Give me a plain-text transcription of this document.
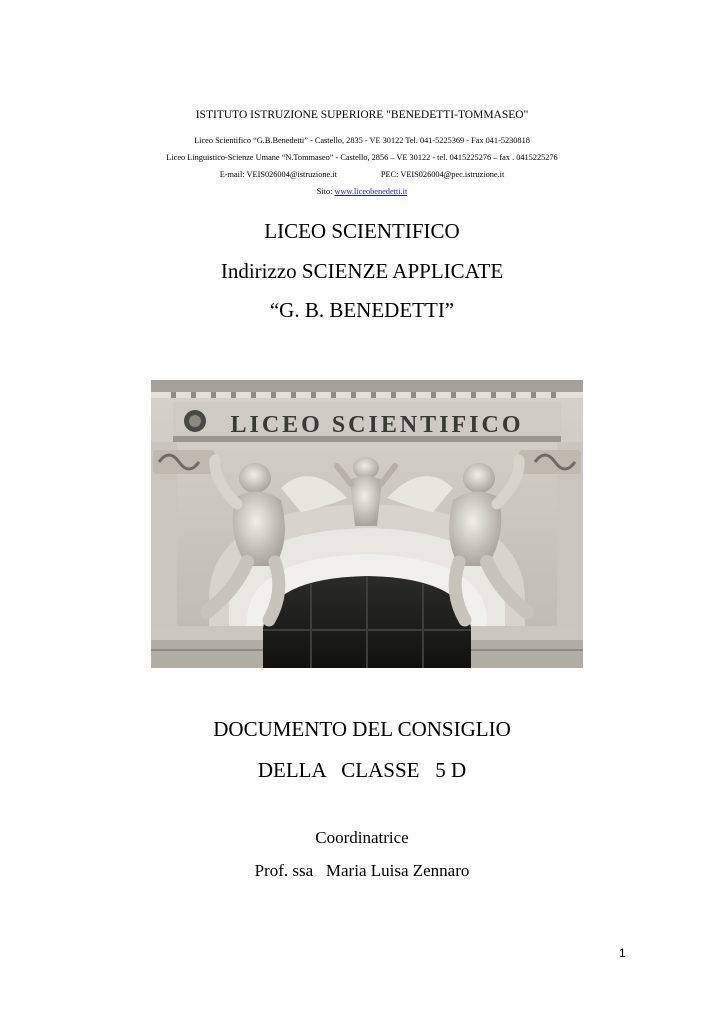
ISTITUTO ISTRUZIONE SUPERIORE "BENEDETTI-TOMMASEO"
Liceo Scientifico “G.B.Benedetti” - Castello, 2835 - VE 30122 Tel. 041-5225369 - Fax 041-5230818
Liceo Linguistico-Scienze Umane “N.Tommaseo” - Castello, 2856 – VE 30122 - tel. 0415225276 – fax . 0415225276
E-mail: VEIS026004@istruzione.it	PEC: VEIS026004@pec.istruzione.it
Sito: www.liceobenedetti.it
LICEO SCIENTIFICO
Indirizzo SCIENZE APPLICATE
“G. B. BENEDETTI”
LICEO SCIENTIFICO
DOCUMENTO DEL CONSIGLIO
DELLA   CLASSE   5 D
Coordinatrice
Prof. ssa   Maria Luisa Zennaro
1
